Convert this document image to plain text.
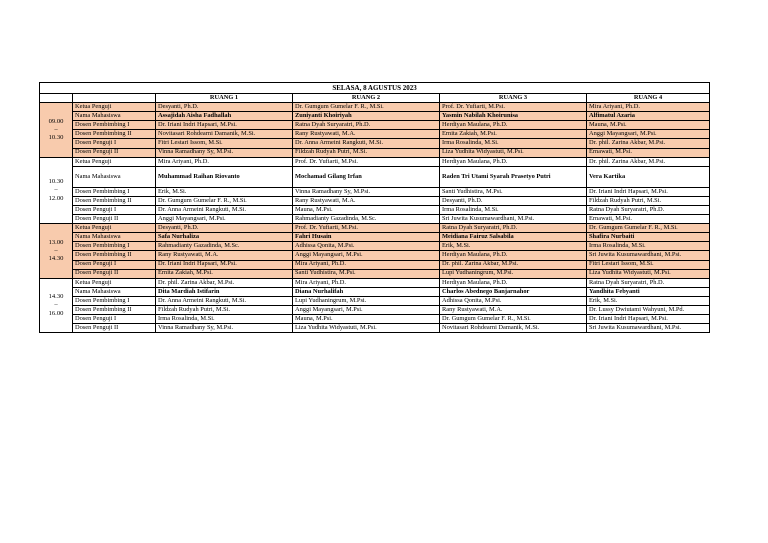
SELASA, 8 AGUSTUS 2023					
		RUANG 1	RUANG 2	RUANG 3	RUANG 4
09.00
–
10.30	Ketua Penguji	Desyanti, Ph.D.	Dr. Gumgum Gumelar F. R., M.Si.	Prof. Dr. Yufiarti, M.Psi.	Mira Ariyani, Ph.D.
	Nama Mahasiswa	Assajidah Aisha Fadhallah	Zuniyanti Khoiriyah	Yasmin Nabilah Khoirunisa	Alfimatul Azaria
	Dosen Pembimbing I	Dr. Iriani Indri Hapsari, M.Psi.	Ratna Dyah Suryaratri, Ph.D.	Herdiyan Maulana, Ph.D.	Mauna, M.Psi.
	Dosen Pembimbing II	Novitasari Rohdearni Damanik, M.Si.	Rany Rustyawati, M.A.	Ernita Zakiah, M.Psi.	Anggi Mayangsari, M.Psi.
	Dosen Penguji I	Fitri Lestari Issom, M.Si.	Dr. Anna Armeini Rangkuti, M.Si.	Irma Rosalinda, M.Si.	Dr. phil. Zarina Akbar, M.Psi.
	Dosen Penguji II	Vinna Ramadhany Sy, M.Psi.	Fildzah Rudyah Putri, M.Si.	Liza Yudhita Widyastuti, M.Psi.	Ernawati, M.Psi.
10.30
–
12.00	Ketua Penguji	Mira Ariyani, Ph.D.	Prof. Dr. Yufiarti, M.Psi.	Herdiyan Maulana, Ph.D.	Dr. phil. Zarina Akbar, M.Psi.
	Nama Mahasiswa	Muhammad Raihan Riovanto	Mochamad Gilang Irfan	Raden Tri Utami Syarah Prasetyo Putri	Vera Kartika
	Dosen Pembimbing I	Erik, M.Si.	Vinna Ramadhany Sy, M.Psi.	Santi Yudhistira, M.Psi.	Dr. Iriani Indri Hapsari, M.Psi.
	Dosen Pembimbing II	Dr. Gumgum Gumelar F. R., M.Si.	Rany Rustyawati, M.A.	Desyanti, Ph.D.	Fildzah Rudyah Putri, M.Si.
	Dosen Penguji I	Dr. Anna Armeini Rangkuti, M.Si.	Mauna, M.Psi.	Irma Rosalinda, M.Si.	Ratna Dyah Suryaratri, Ph.D.
	Dosen Penguji II	Anggi Mayangsari, M.Psi.	Rahmadianty Gazadinda, M.Sc.	Sri Juwita Kusumawardhani, M.Psi.	Ernawati, M.Psi.
13.00
–
14.30	Ketua Penguji	Desyanti, Ph.D.	Prof. Dr. Yufiarti, M.Psi.	Ratna Dyah Suryaratri, Ph.D.	Dr. Gumgum Gumelar F. R., M.Si.
	Nama Mahasiswa	Safa Nurhaliza	Fahri Husain	Meidiana Fairuz Salsabila	Shafira Nurbaiti
	Dosen Pembimbing I	Rahmadianty Gazadinda, M.Sc.	Adhissa Qonita, M.Psi.	Erik, M.Si.	Irma Rosalinda, M.Si.
	Dosen Pembimbing II	Rany Rustyawati, M.A.	Anggi Mayangsari, M.Psi.	Herdiyan Maulana, Ph.D.	Sri Juwita Kusumawardhani, M.Psi.
	Dosen Penguji I	Dr. Iriani Indri Hapsari, M.Psi.	Mira Ariyani, Ph.D.	Dr. phil. Zarina Akbar, M.Psi.	Fitri Lestari Issom, M.Si.
	Dosen Penguji II	Ernita Zakiah, M.Psi.	Santi Yudhistira, M.Psi.	Lupi Yudhaningrum, M.Psi.	Liza Yudhita Widyastuti, M.Psi.
14.30
–
16.00	Ketua Penguji	Dr. phil. Zarina Akbar, M.Psi.	Mira Ariyani, Ph.D.	Herdiyan Maulana, Ph.D.	Ratna Dyah Suryaratri, Ph.D.
	Nama Mahasiswa	Dita Mardiah Istifarin	Diana Nurhalifah	Charlos Abednego Banjarnahor	Yandhita Febyanti
	Dosen Pembimbing I	Dr. Anna Armeini Rangkuti, M.Si.	Lupi Yudhaningrum, M.Psi.	Adhissa Qonita, M.Psi.	Erik, M.Si.
	Dosen Pembimbing II	Fildzah Rudyah Putri, M.Si.	Anggi Mayangsari, M.Psi.	Rany Rustyawati, M.A.	Dr. Lussy Dwiutami Wahyuni, M.Pd.
	Dosen Penguji I	Irma Rosalinda, M.Si.	Mauna, M.Psi.	Dr. Gumgum Gumelar F. R., M.Si.	Dr. Iriani Indri Hapsari, M.Psi.
	Dosen Penguji II	Vinna Ramadhany Sy, M.Psi.	Liza Yudhita Widyastuti, M.Psi.	Novitasari Rohdearni Damanik, M.Si.	Sri Juwita Kusumawardhani, M.Psi.
